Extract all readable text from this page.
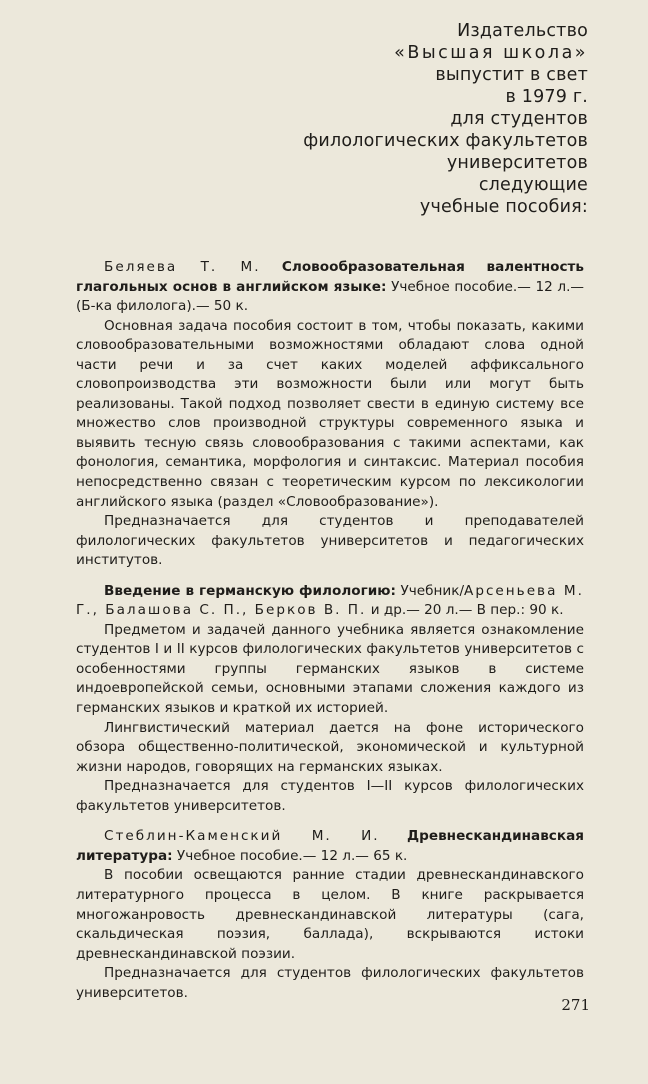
Издательство
«Высшая школа»
выпустит в свет
в 1979 г.
для студентов
филологических факультетов
университетов
следующие
учебные пособия:

Беляева Т. М. Словообразовательная валентность глагольных основ в английском языке: Учебное пособие.— 12 л.— (Б-ка филолога).— 50 к.

Основная задача пособия состоит в том, чтобы показать, какими словообразовательными возможностями обладают слова одной части речи и за счет каких моделей аффиксального словопроизводства эти возможности были или могут быть реализованы. Такой подход позволяет свести в единую систему все множество слов производной структуры современного языка и выявить тесную связь словообразования с такими аспектами, как фонология, семантика, морфология и синтаксис. Материал пособия непосредственно связан с теоретическим курсом по лексикологии английского языка (раздел «Словообразование»).

Предназначается для студентов и преподавателей филологических факультетов университетов и педагогических институтов.

Введение в германскую филологию: Учебник/Арсеньева М. Г., Балашова С. П., Берков В. П. и др.— 20 л.— В пер.: 90 к.

Предметом и задачей данного учебника является ознакомление студентов I и II курсов филологических факультетов университетов с особенностями группы германских языков в системе индоевропейской семьи, основными этапами сложения каждого из германских языков и краткой их историей.

Лингвистический материал дается на фоне исторического обзора общественно-политической, экономической и культурной жизни народов, говорящих на германских языках.

Предназначается для студентов I—II курсов филологических факультетов университетов.

Стеблин-Каменский М. И. Древнескандинавская литература: Учебное пособие.— 12 л.— 65 к.

В пособии освещаются ранние стадии древнескандинавского литературного процесса в целом. В книге раскрывается многожанровость древнескандинавской литературы (сага, скальдическая поэзия, баллада), вскрываются истоки древнескандинавской поэзии.

Предназначается для студентов филологических факультетов университетов.

271
